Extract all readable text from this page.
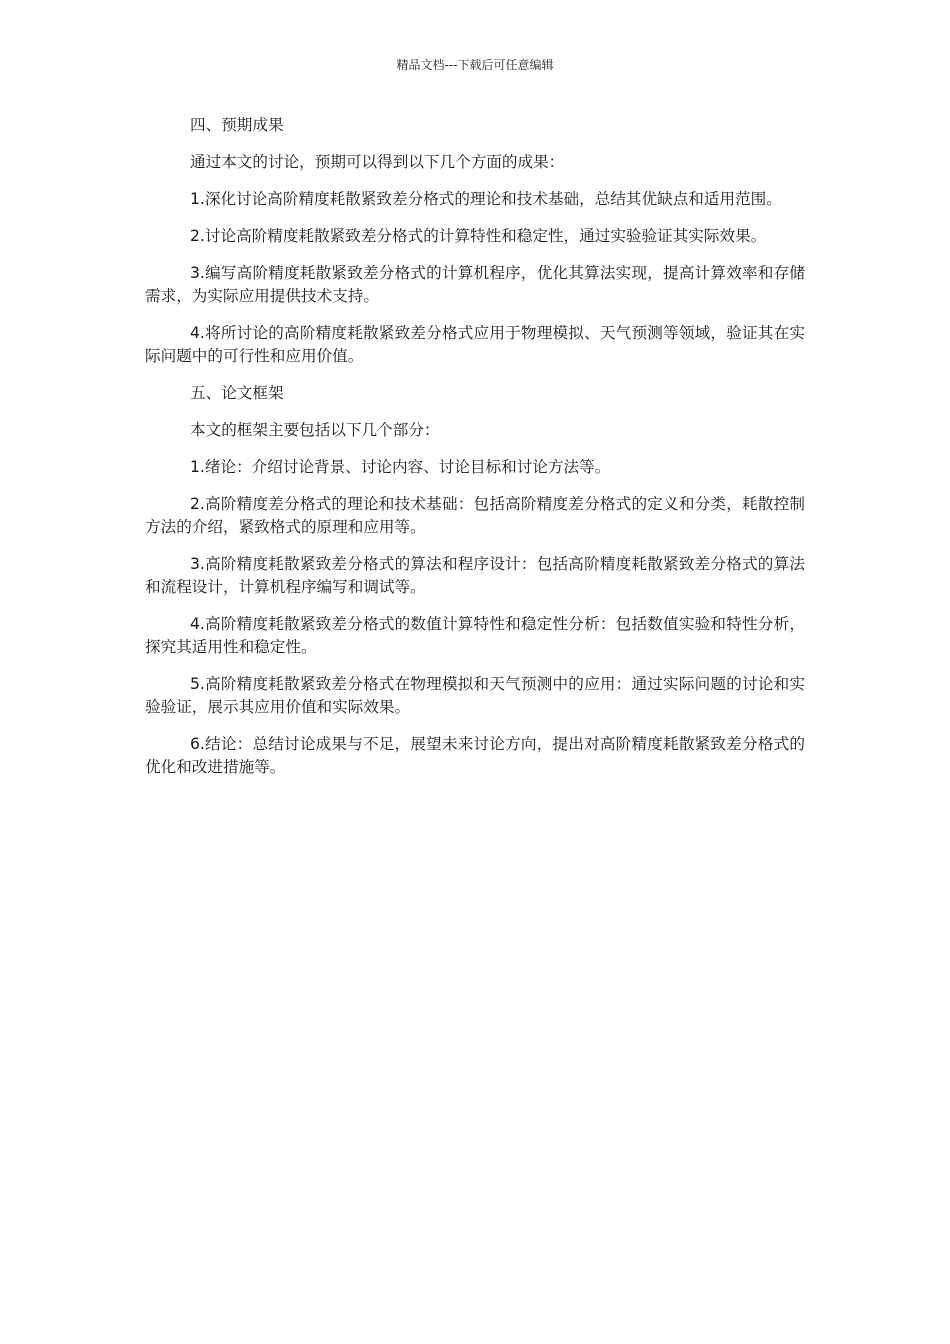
精品文档---下载后可任意编辑

四、预期成果

通过本文的讨论，预期可以得到以下几个方面的成果：

1.深化讨论高阶精度耗散紧致差分格式的理论和技术基础，总结其优缺点和适用范围。

2.讨论高阶精度耗散紧致差分格式的计算特性和稳定性，通过实验验证其实际效果。

3.编写高阶精度耗散紧致差分格式的计算机程序，优化其算法实现，提高计算效率和存储需求，为实际应用提供技术支持。

4.将所讨论的高阶精度耗散紧致差分格式应用于物理模拟、天气预测等领域，验证其在实际问题中的可行性和应用价值。

五、论文框架

本文的框架主要包括以下几个部分：

1.绪论：介绍讨论背景、讨论内容、讨论目标和讨论方法等。

2.高阶精度差分格式的理论和技术基础：包括高阶精度差分格式的定义和分类，耗散控制方法的介绍，紧致格式的原理和应用等。

3.高阶精度耗散紧致差分格式的算法和程序设计：包括高阶精度耗散紧致差分格式的算法和流程设计，计算机程序编写和调试等。

4.高阶精度耗散紧致差分格式的数值计算特性和稳定性分析：包括数值实验和特性分析，探究其适用性和稳定性。

5.高阶精度耗散紧致差分格式在物理模拟和天气预测中的应用：通过实际问题的讨论和实验验证，展示其应用价值和实际效果。

6.结论：总结讨论成果与不足，展望未来讨论方向，提出对高阶精度耗散紧致差分格式的优化和改进措施等。
